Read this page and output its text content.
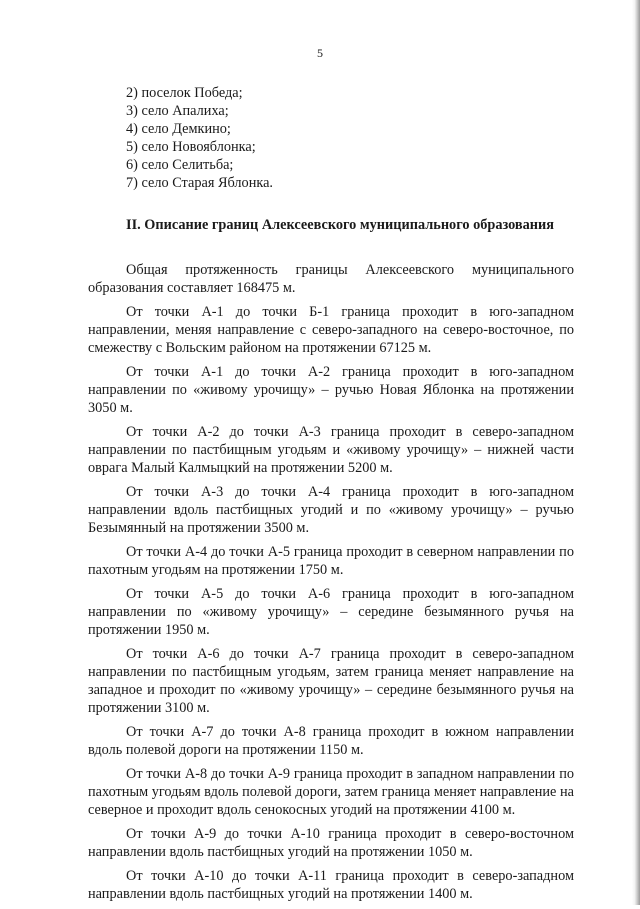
5
2) поселок Победа;
3) село Апалиха;
4) село Демкино;
5) село Новояблонка;
6) село Селитьба;
7) село Старая Яблонка.
II. Описание границ Алексеевского муниципального образования

Общая протяженность границы Алексеевского муниципального образования составляет 168475 м.

От точки А-1 до точки Б-1 граница проходит в юго-западном направлении, меняя направление с северо-западного на северо-восточное, по смежеству с Вольским районом на протяжении 67125 м.

От точки А-1 до точки А-2 граница проходит в юго-западном направлении по «живому урочищу» – ручью Новая Яблонка на протяжении 3050 м.

От точки А-2 до точки А-3 граница проходит в северо-западном направлении по пастбищным угодьям и «живому урочищу» – нижней части оврага Малый Калмыцкий на протяжении 5200 м.

От точки А-3 до точки А-4 граница проходит в юго-западном направлении вдоль пастбищных угодий и по «живому урочищу» – ручью Безымянный на протяжении 3500 м.

От точки А-4 до точки А-5 граница проходит в северном направлении по пахотным угодьям на протяжении 1750 м.

От точки А-5 до точки А-6 граница проходит в юго-западном направлении по «живому урочищу» – середине безымянного ручья на протяжении 1950 м.

От точки А-6 до точки А-7 граница проходит в северо-западном направлении по пастбищным угодьям, затем граница меняет направление на западное и проходит по «живому урочищу» – середине безымянного ручья на протяжении 3100 м.

От точки А-7 до точки А-8 граница проходит в южном направлении вдоль полевой дороги на протяжении 1150 м.

От точки А-8 до точки А-9 граница проходит в западном направлении по пахотным угодьям вдоль полевой дороги, затем граница меняет направление на северное и проходит вдоль сенокосных угодий на протяжении 4100 м.

От точки А-9 до точки А-10 граница проходит в северо-восточном направлении вдоль пастбищных угодий на протяжении 1050 м.

От точки А-10 до точки А-11 граница проходит в северо-западном направлении вдоль пастбищных угодий на протяжении 1400 м.
